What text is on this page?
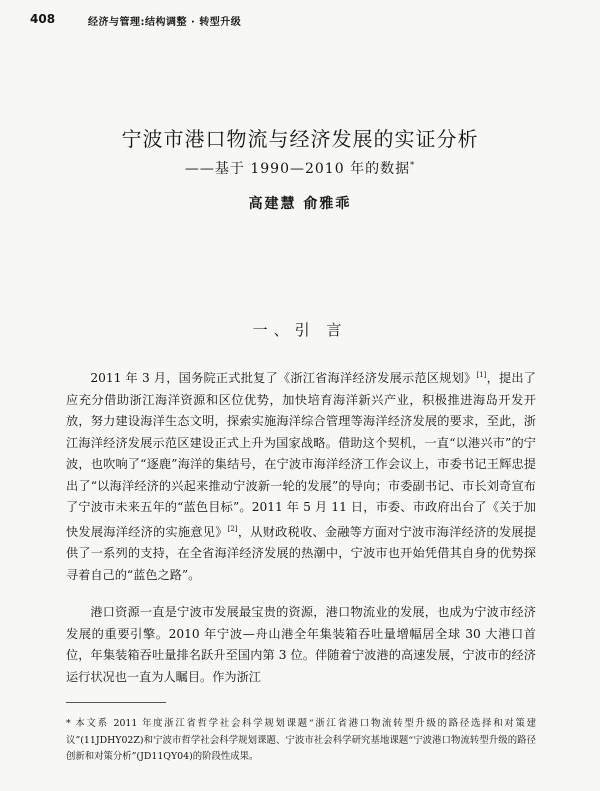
408	经济与管理:结构调整 · 转型升级
宁波市港口物流与经济发展的实证分析
——基于 1990—2010 年的数据*
高建慧 俞雅乖
一、引 言

2011 年 3 月，国务院正式批复了《浙江省海洋经济发展示范区规划》[1]，提出了应充分借助浙江海洋资源和区位优势，加快培育海洋新兴产业，积极推进海岛开发开放，努力建设海洋生态文明，探索实施海洋综合管理等海洋经济发展的要求，至此，浙江海洋经济发展示范区建设正式上升为国家战略。借助这个契机，一直“以港兴市”的宁波，也吹响了“逐鹿”海洋的集结号，在宁波市海洋经济工作会议上，市委书记王辉忠提出了“以海洋经济的兴起来推动宁波新一轮的发展”的导向；市委副书记、市长刘奇宣布了宁波市未来五年的“蓝色目标”。2011 年 5 月 11 日，市委、市政府出台了《关于加快发展海洋经济的实施意见》[2]，从财政税收、金融等方面对宁波市海洋经济的发展提供了一系列的支持，在全省海洋经济发展的热潮中，宁波市也开始凭借其自身的优势探寻着自己的“蓝色之路”。

港口资源一直是宁波市发展最宝贵的资源，港口物流业的发展，也成为宁波市经济发展的重要引擎。2010 年宁波—舟山港全年集装箱吞吐量增幅居全球 30 大港口首位，年集装箱吞吐量排名跃升至国内第 3 位。伴随着宁波港的高速发展，宁波市的经济运行状况也一直为人瞩目。作为浙江

* 本文系 2011 年度浙江省哲学社会科学规划课题“浙江省港口物流转型升级的路径选择和对策建议”(11JDHY02Z)和宁波市哲学社会科学规划课题、宁波市社会科学研究基地课题“宁波港口物流转型升级的路径创新和对策分析”(JD11QY04)的阶段性成果。
